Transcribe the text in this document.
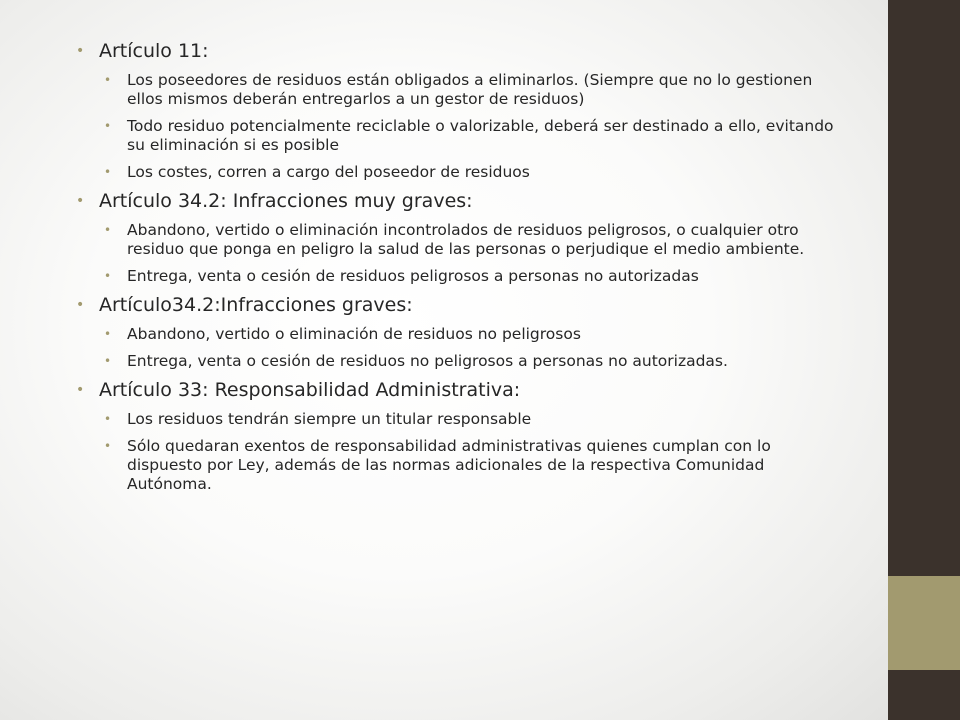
• Artículo 11:
• Los poseedores de residuos están obligados a eliminarlos. (Siempre que no lo gestionen ellos mismos deberán entregarlos a un gestor de residuos)
• Todo residuo potencialmente reciclable o valorizable, deberá ser destinado a ello, evitando su eliminación si es posible
• Los costes, corren a cargo del poseedor de residuos
• Artículo 34.2: Infracciones muy graves:
• Abandono, vertido o eliminación incontrolados de residuos peligrosos, o cualquier otro residuo que ponga en peligro la salud de las personas o perjudique el medio ambiente.
• Entrega, venta o cesión de residuos peligrosos a personas no autorizadas
• Artículo34.2:Infracciones graves:
• Abandono, vertido o eliminación de residuos no peligrosos
• Entrega, venta o cesión de residuos no peligrosos a personas no autorizadas.
• Artículo 33: Responsabilidad Administrativa:
• Los residuos tendrán siempre un titular responsable
• Sólo quedaran exentos de responsabilidad administrativas quienes cumplan con lo dispuesto por Ley, además de las normas adicionales de la respectiva Comunidad Autónoma.
